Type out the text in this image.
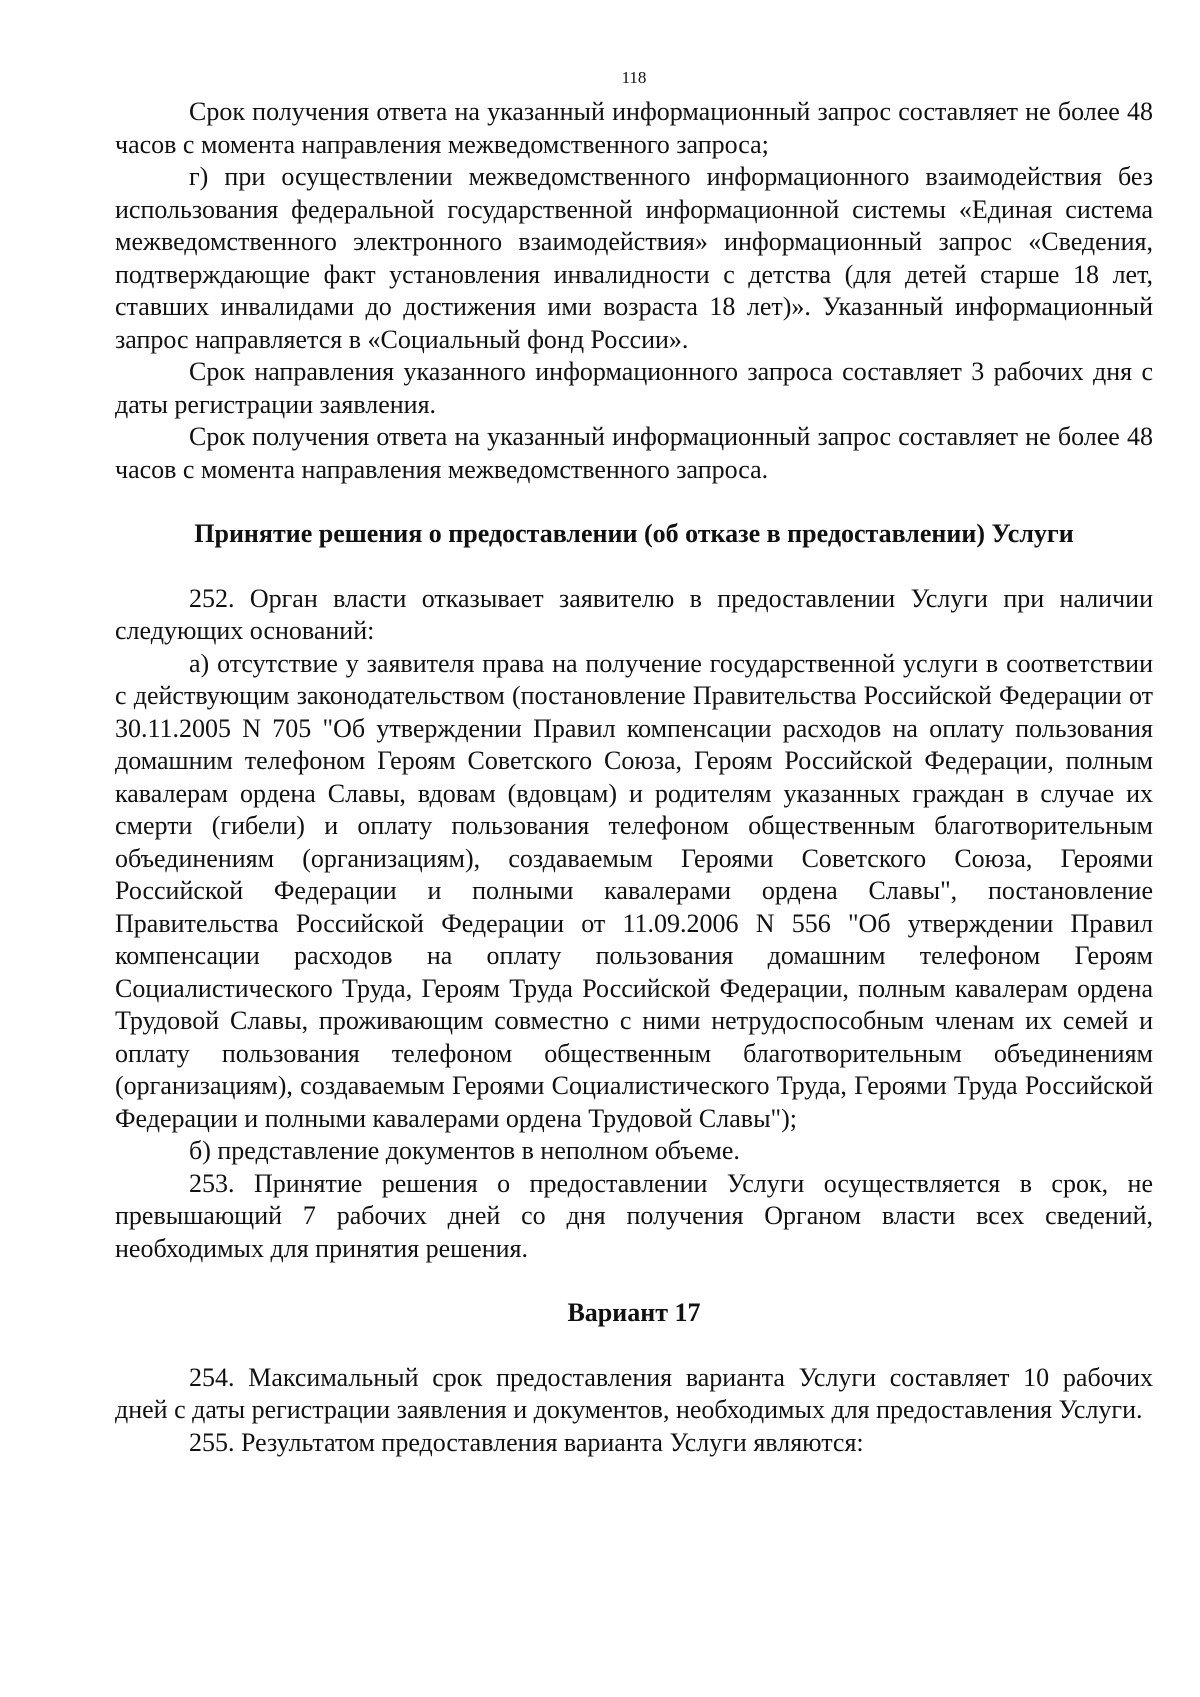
118

Срок получения ответа на указанный информационный запрос составляет не более 48 часов с момента направления межведомственного запроса;

г) при осуществлении межведомственного информационного взаимодействия без использования федеральной государственной информационной системы «Единая система межведомственного электронного взаимодействия» информационный запрос «Сведения, подтверждающие факт установления инвалидности с детства (для детей старше 18 лет, ставших инвалидами до достижения ими возраста 18 лет)». Указанный информационный запрос направляется в «Социальный фонд России».

Срок направления указанного информационного запроса составляет 3 рабочих дня с даты регистрации заявления.

Срок получения ответа на указанный информационный запрос составляет не более 48 часов с момента направления межведомственного запроса.

Принятие решения о предоставлении (об отказе в предоставлении) Услуги

252. Орган власти отказывает заявителю в предоставлении Услуги при наличии следующих оснований:

а) отсутствие у заявителя права на получение государственной услуги в соответствии с действующим законодательством (постановление Правительства Российской Федерации от 30.11.2005 N 705 "Об утверждении Правил компенсации расходов на оплату пользования домашним телефоном Героям Советского Союза, Героям Российской Федерации, полным кавалерам ордена Славы, вдовам (вдовцам) и родителям указанных граждан в случае их смерти (гибели) и оплату пользования телефоном общественным благотворительным объединениям (организациям), создаваемым Героями Советского Союза, Героями Российской Федерации и полными кавалерами ордена Славы", постановление Правительства Российской Федерации от 11.09.2006 N 556 "Об утверждении Правил компенсации расходов на оплату пользования домашним телефоном Героям Социалистического Труда, Героям Труда Российской Федерации, полным кавалерам ордена Трудовой Славы, проживающим совместно с ними нетрудоспособным членам их семей и оплату пользования телефоном общественным благотворительным объединениям (организациям), создаваемым Героями Социалистического Труда, Героями Труда Российской Федерации и полными кавалерами ордена Трудовой Славы");

б) представление документов в неполном объеме.

253. Принятие решения о предоставлении Услуги осуществляется в срок, не превышающий 7 рабочих дней со дня получения Органом власти всех сведений, необходимых для принятия решения.

Вариант 17

254. Максимальный срок предоставления варианта Услуги составляет 10 рабочих дней с даты регистрации заявления и документов, необходимых для предоставления Услуги.

255. Результатом предоставления варианта Услуги являются:
